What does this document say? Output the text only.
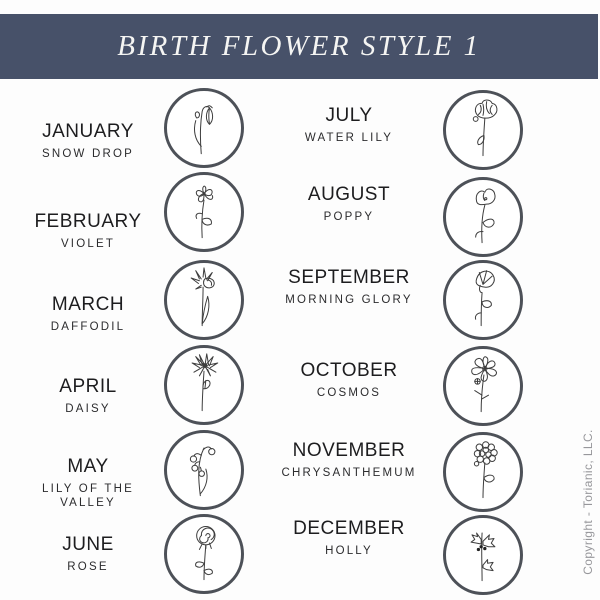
BIRTH FLOWER STYLE 1
JANUARY
SNOW DROP
FEBRUARY
VIOLET
MARCH
DAFFODIL
APRIL
DAISY
MAY
LILY OF THE VALLEY
JUNE
ROSE
JULY
WATER LILY
AUGUST
POPPY
SEPTEMBER
MORNING GLORY
OCTOBER
COSMOS
NOVEMBER
CHRYSANTHEMUM
DECEMBER
HOLLY	Copyright - Torianic, LLC.
